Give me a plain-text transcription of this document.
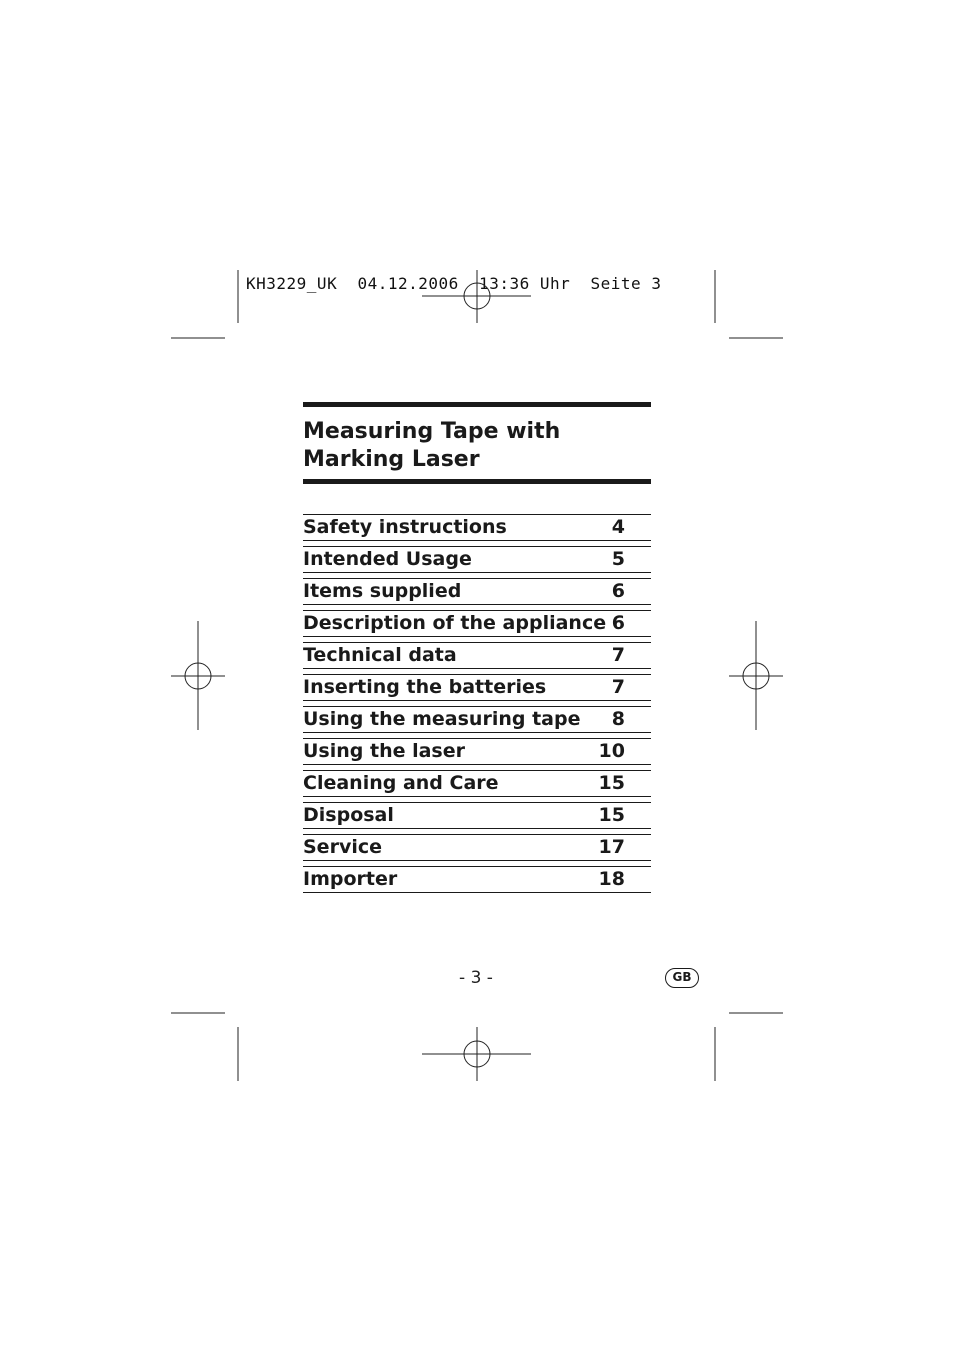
KH3229_UK  04.12.2006  13:36 Uhr  Seite 3
Measuring Tape with Marking Laser
Safety instructions	4
Intended Usage	5
Items supplied	6
Description of the appliance 6
Technical data	7
Inserting the batteries	7
Using the measuring tape 8
Using the laser	10
Cleaning and Care	15
Disposal	15
Service	17
Importer	18
- 3 -	GB
